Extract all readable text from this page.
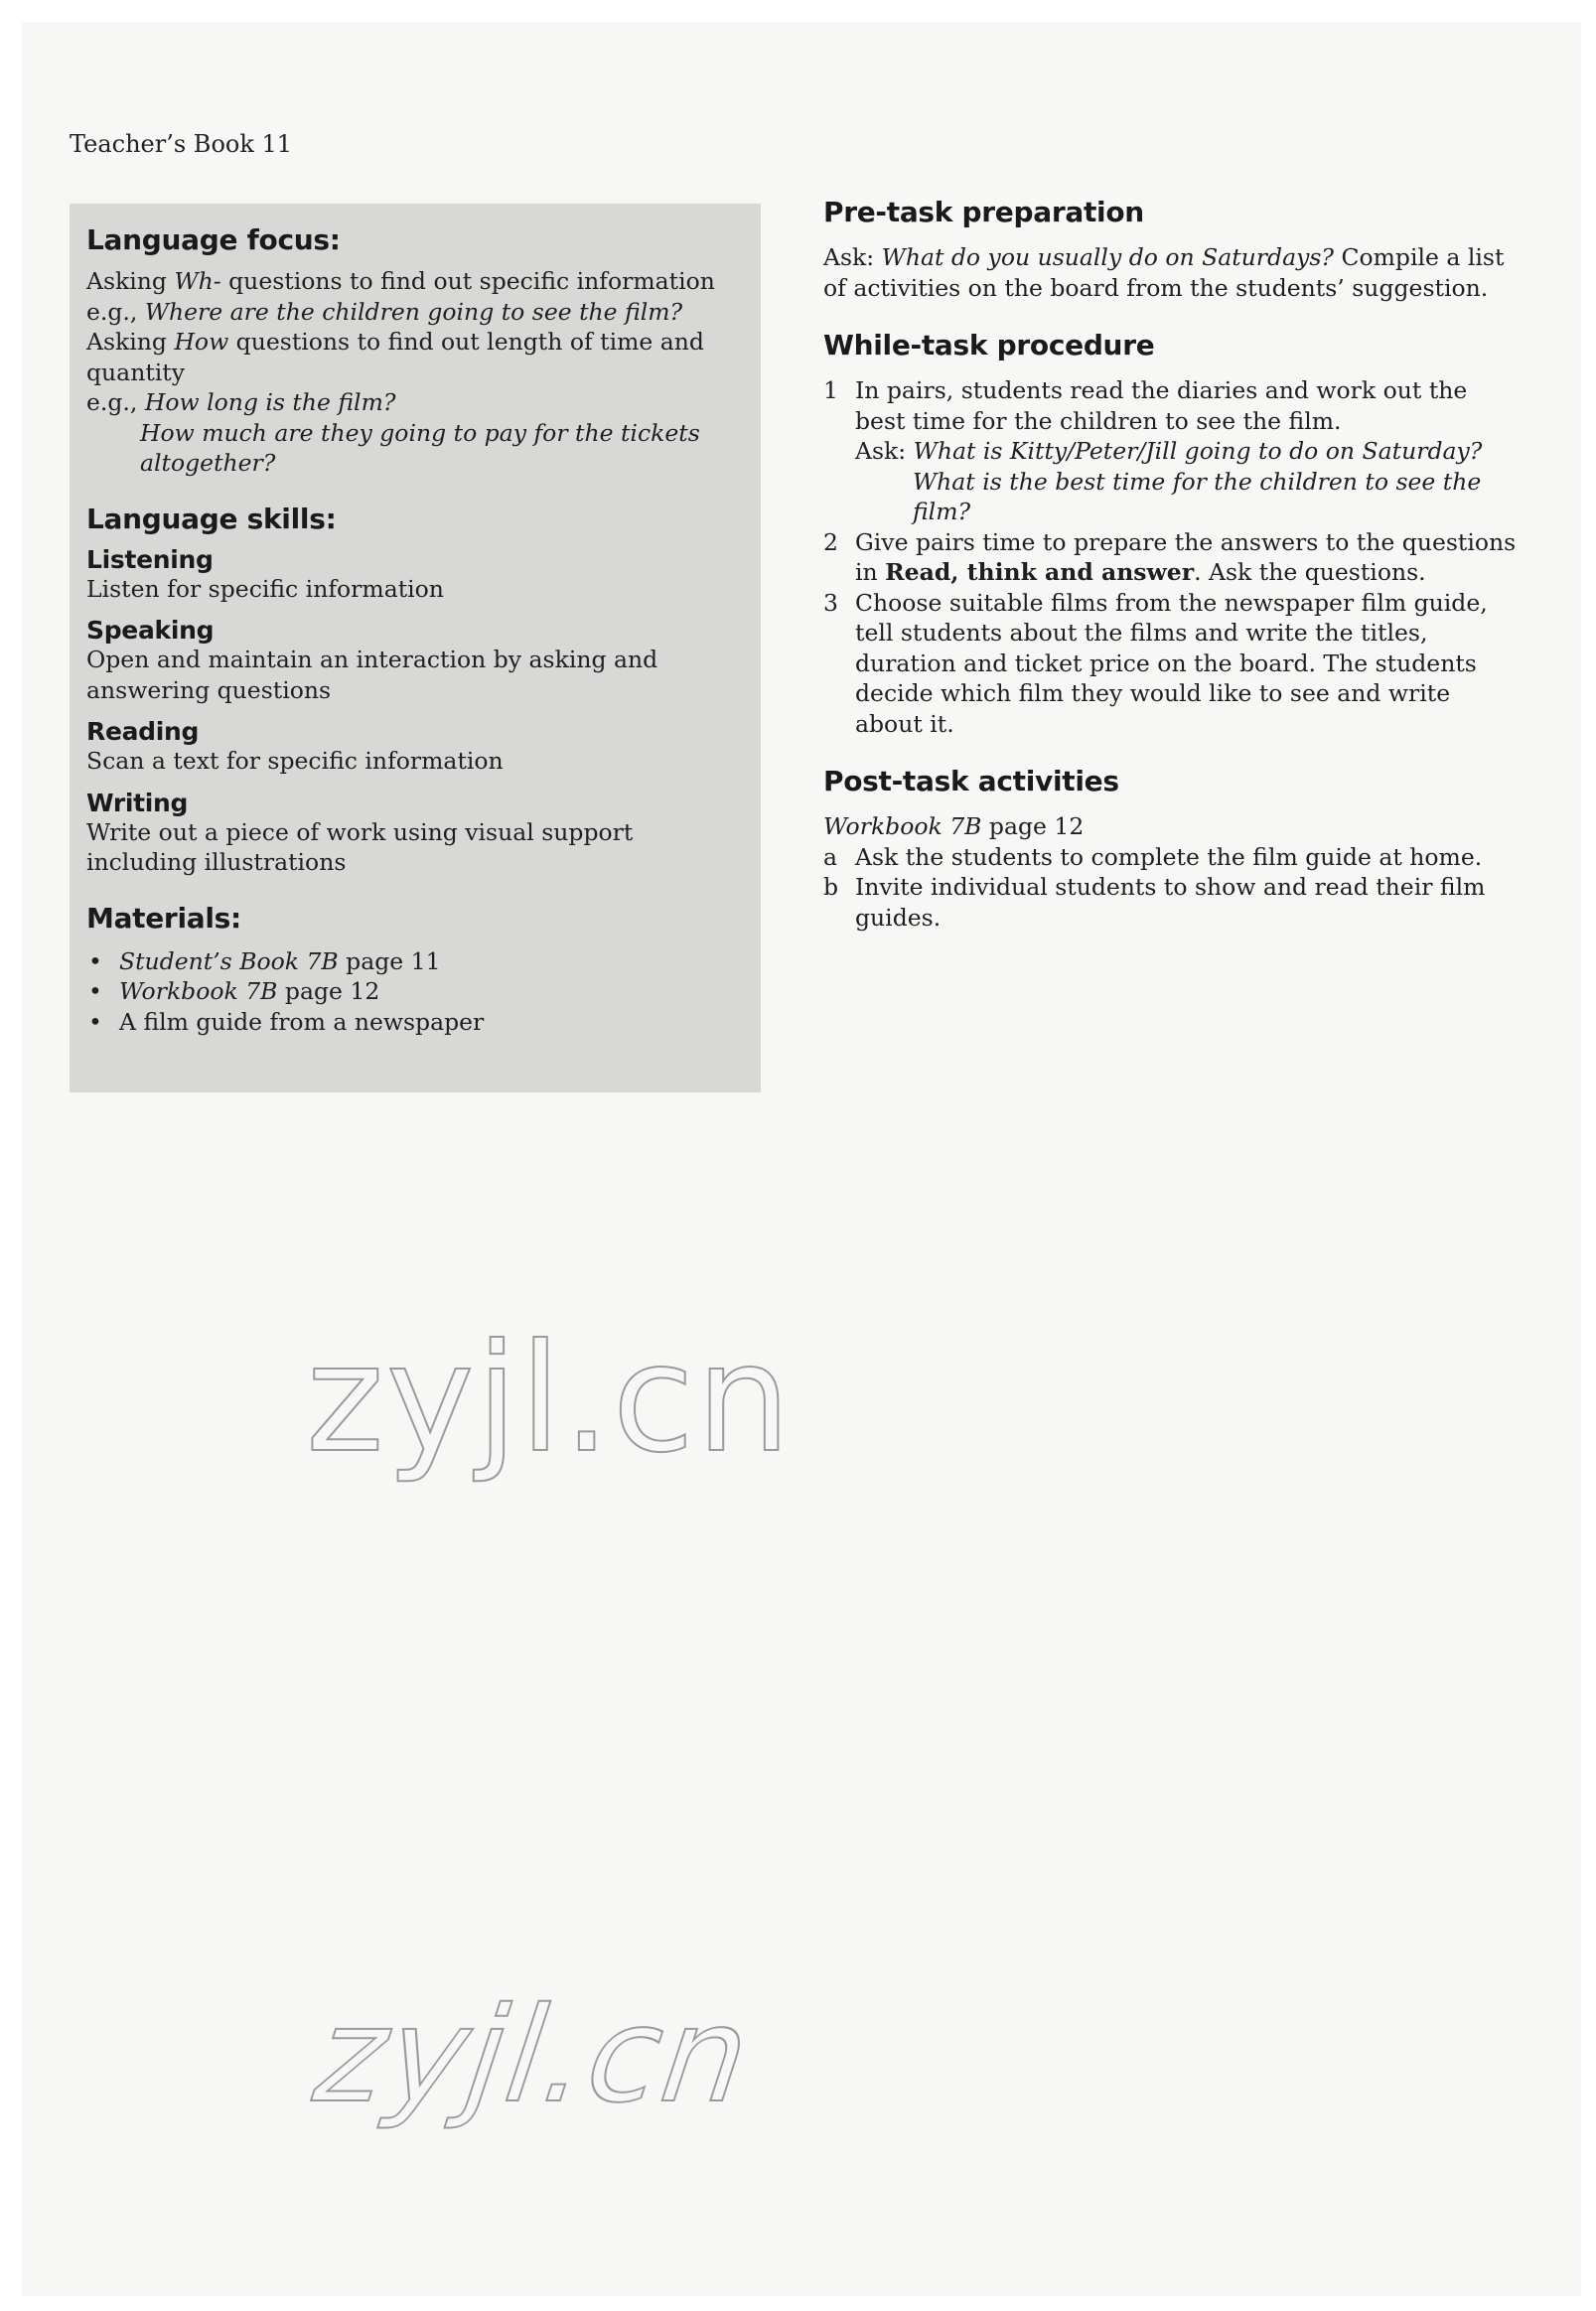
Teacher’s Book 11
Language focus:

Asking Wh- questions to find out specific information

e.g., Where are the children going to see the film?

Asking How questions to find out length of time and quantity

e.g., How long is the film?

How much are they going to pay for the tickets altogether?

Language skills:
Listening

Listen for specific information

Speaking

Open and maintain an interaction by asking and answering questions

Reading

Scan a text for specific information

Writing

Write out a piece of work using visual support including illustrations

Materials:
• Student’s Book 7B page 11
• Workbook 7B page 12
• A film guide from a newspaper
Pre-task preparation

Ask: What do you usually do on Saturdays? Compile a list of activities on the board from the students’ suggestion.

While-task procedure
1 In pairs, students read the diaries and work out the best time for the children to see the film.
Ask: What is Kitty/Peter/Jill going to do on Saturday?
What is the best time for the children to see the film?
2 Give pairs time to prepare the answers to the questions in Read, think and answer. Ask the questions.
3 Choose suitable films from the newspaper film guide, tell students about the films and write the titles, duration and ticket price on the board. The students decide which film they would like to see and write about it.
Post-task activities

Workbook 7B page 12

a Ask the students to complete the film guide at home.
b Invite individual students to show and read their film guides.
zyjl.cn
zyjl.cn
